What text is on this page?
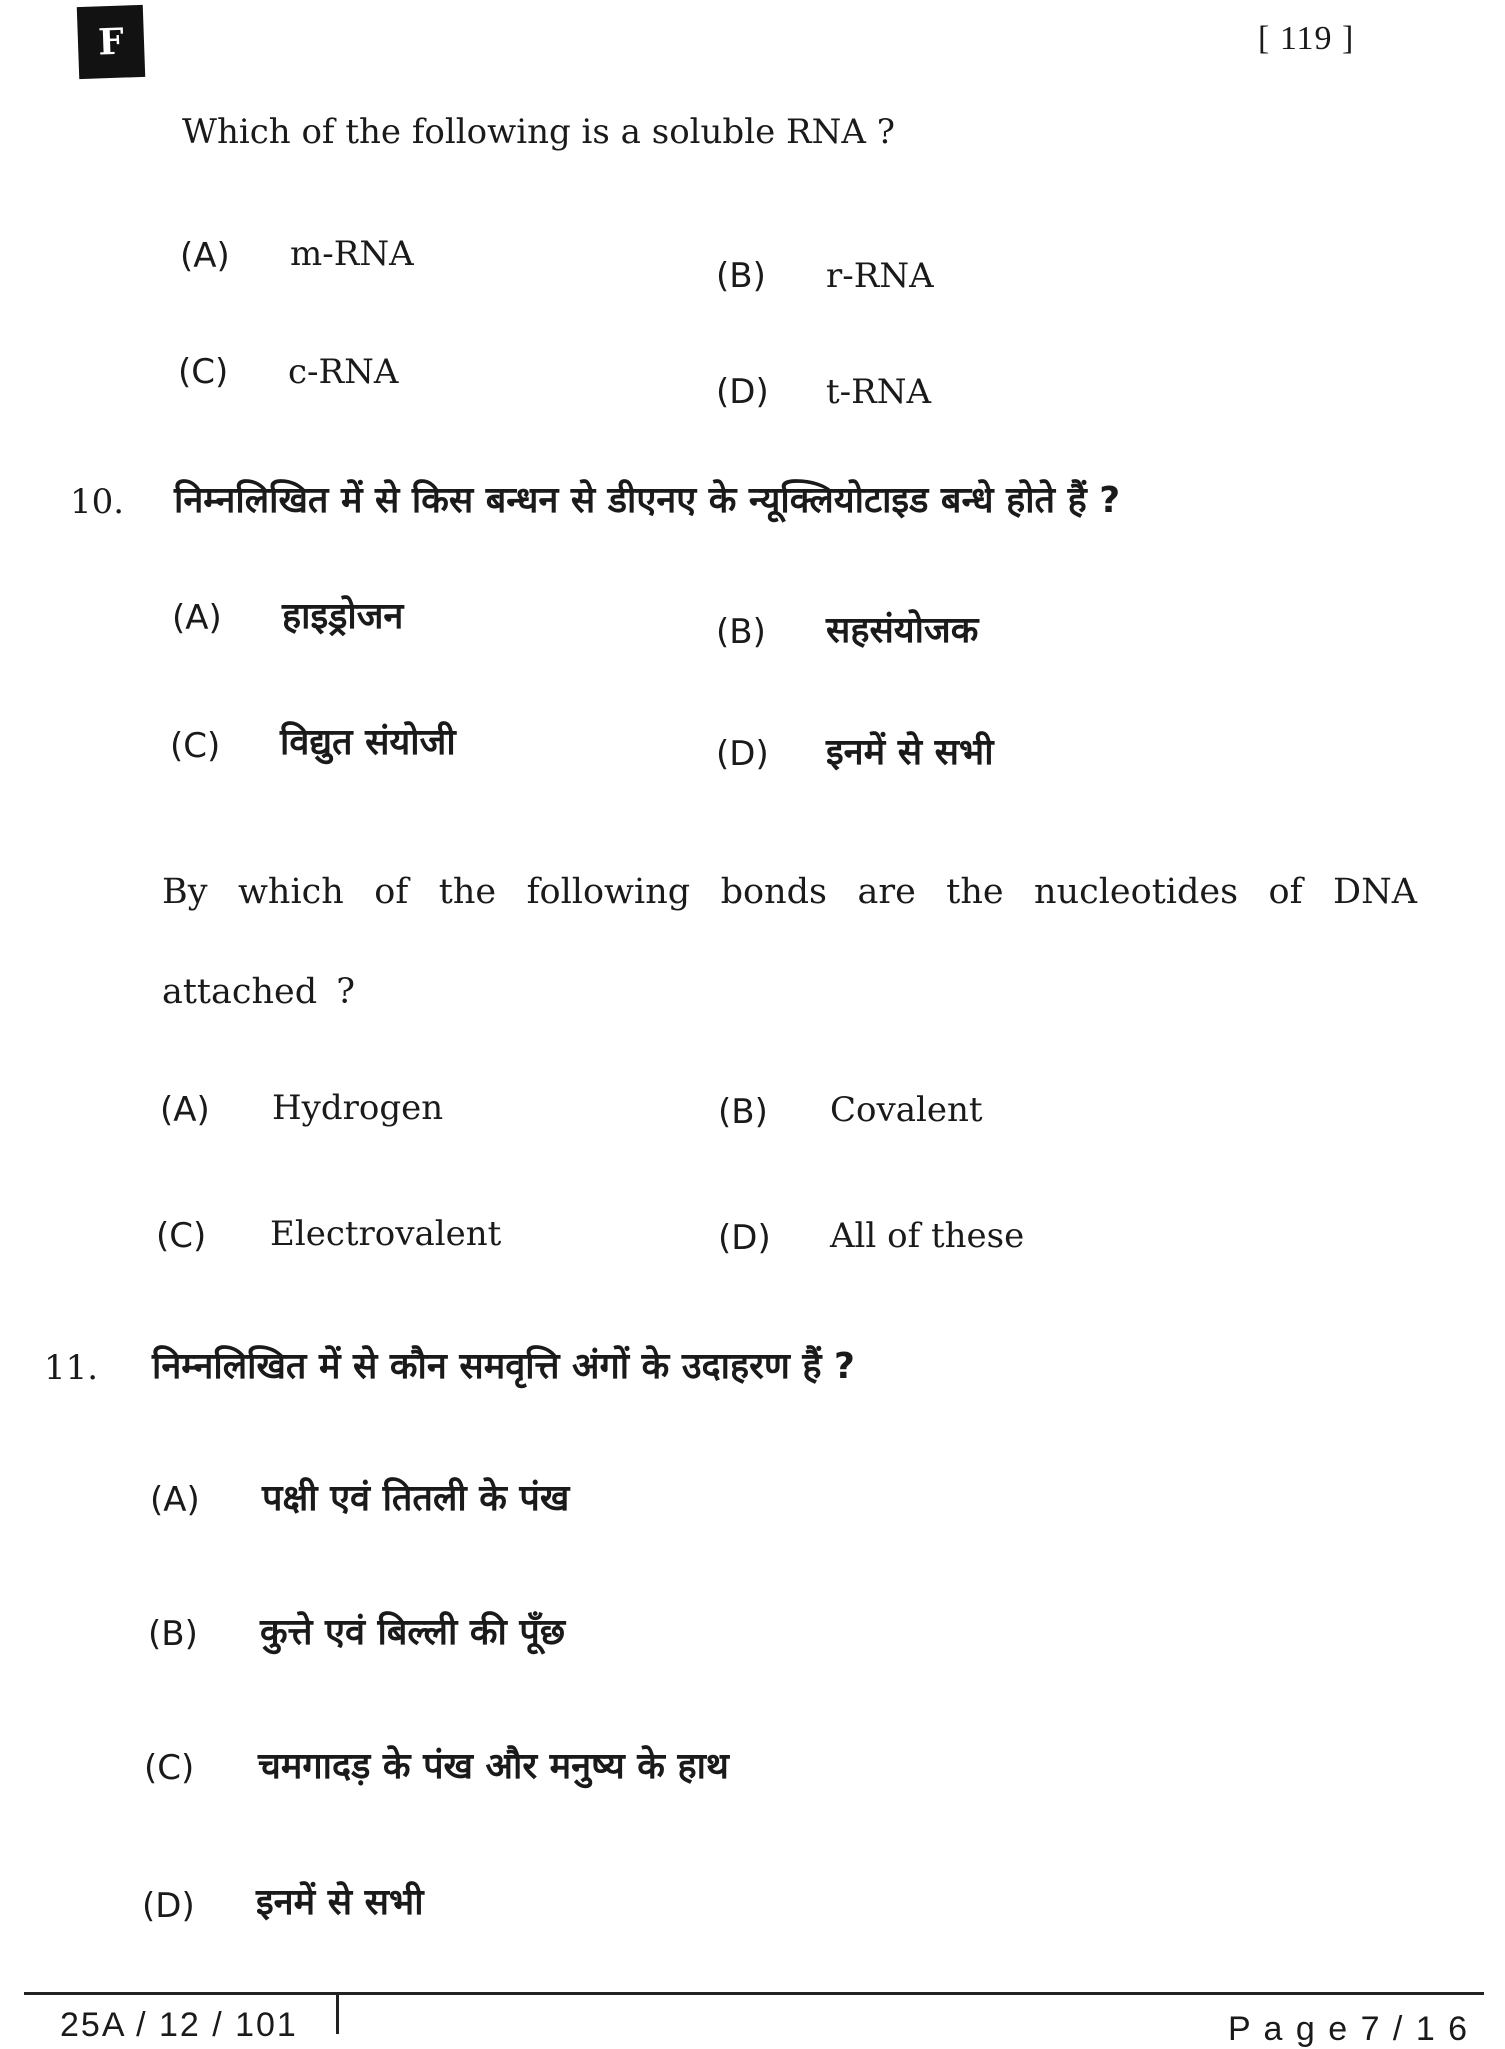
F	[ 119 ]
Which of the following is a soluble RNA ?
(A) m-RNA
(B) r-RNA
(C) c-RNA	(D) t-RNA
10. निम्नलिखित में से किस बन्धन से डीएनए के न्यूक्लियोटाइड बन्धे होते हैं ?
(A) हाइड्रोजन	(B) सहसंयोजक
(C) विद्युत संयोजी	(D) इनमें से सभी
By which of the following bonds are the nucleotides of DNA attached ?
(A) Hydrogen	(B) Covalent
(C) Electrovalent	(D) All of these
11. निम्नलिखित में से कौन समवृत्ति अंगों के उदाहरण हैं ?
(A) पक्षी एवं तितली के पंख
(B) कुत्ते एवं बिल्ली की पूँछ
(C) चमगादड़ के पंख और मनुष्य के हाथ
(D) इनमें से सभी
25A / 12 / 101	P a g e 7 / 1 6
